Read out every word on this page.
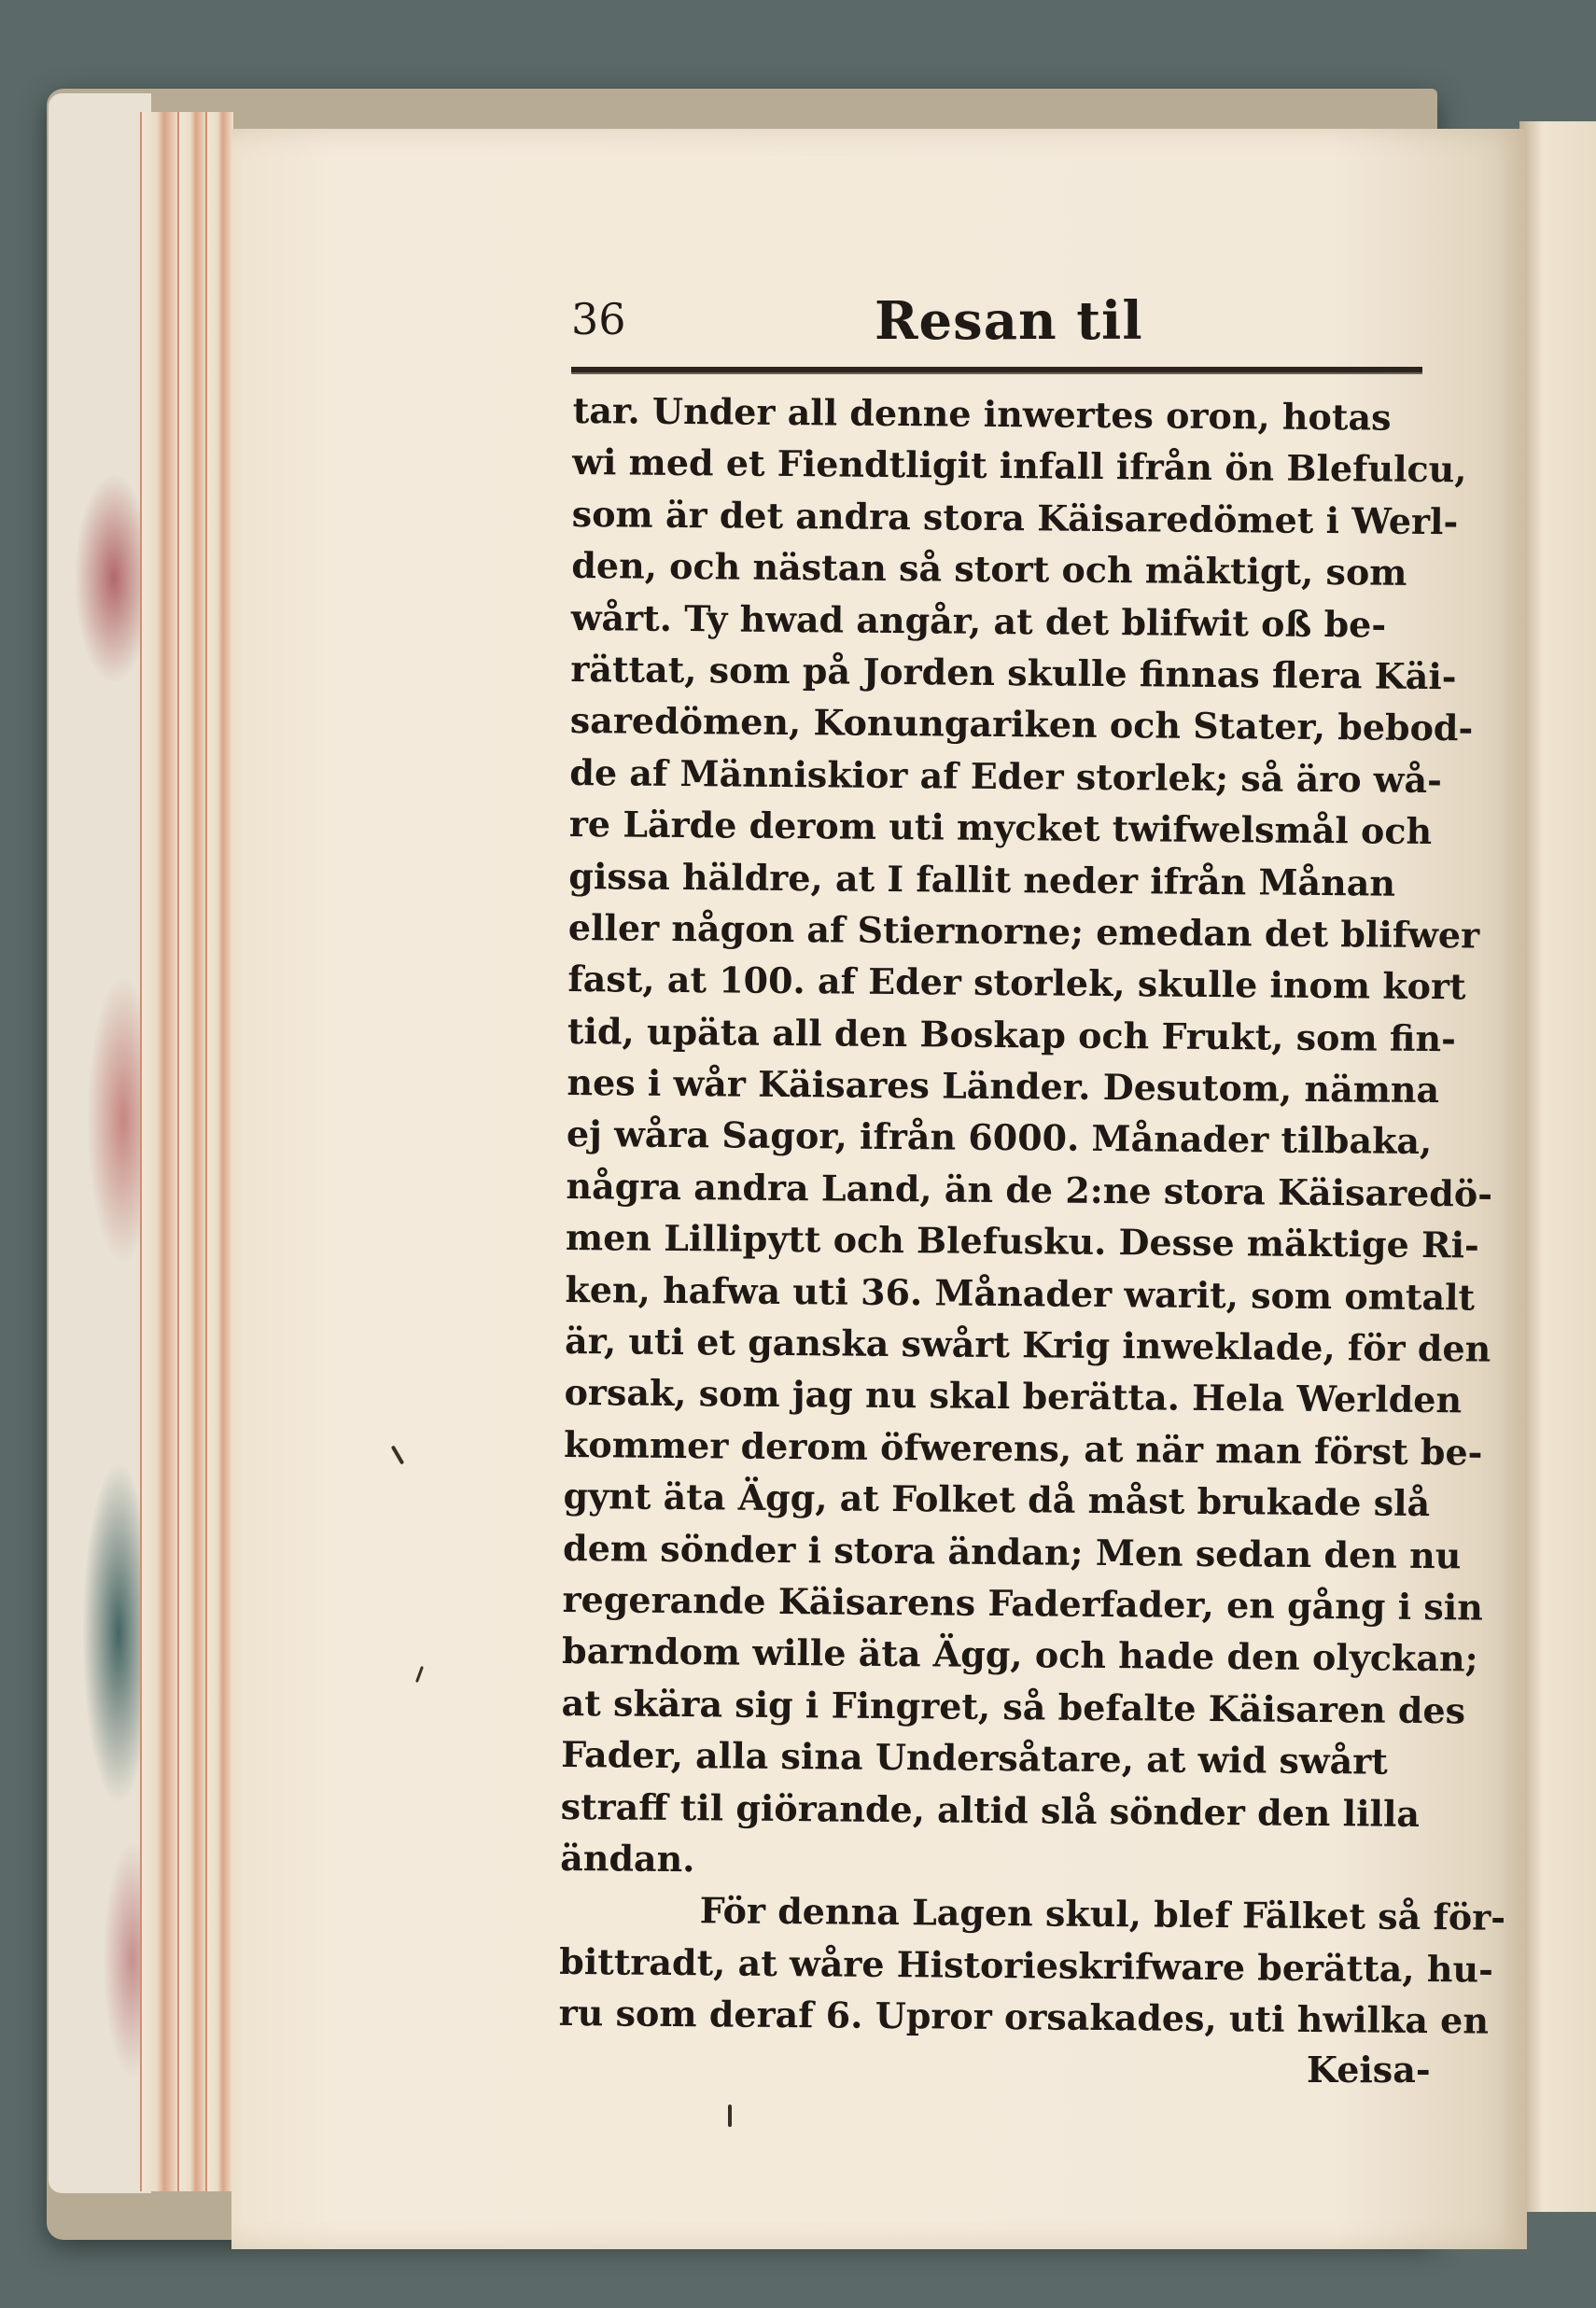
36	Resan til
tar. Under all denne inwertes oron, hotas
wi med et Fiendtligit infall ifrån ön Blefulcu,
som är det andra stora Käisaredömet i Werl-
den, och nästan så stort och mäktigt, som
wårt. Ty hwad angår, at det blifwit oß be-
rättat, som på Jorden skulle finnas flera Käi-
saredömen, Konungariken och Stater, bebod-
de af Människior af Eder storlek; så äro wå-
re Lärde derom uti mycket twifwelsmål och
gissa häldre, at I fallit neder ifrån Månan
eller någon af Stiernorne; emedan det blifwer
fast, at 100. af Eder storlek, skulle inom kort
tid, upäta all den Boskap och Frukt, som fin-
nes i wår Käisares Länder. Desutom, nämna
ej wåra Sagor, ifrån 6000. Månader tilbaka,
några andra Land, än de 2:ne stora Käisaredö-
men Lillipytt och Blefusku. Desse mäktige Ri-
ken, hafwa uti 36. Månader warit, som omtalt
är, uti et ganska swårt Krig inweklade, för den
orsak, som jag nu skal berätta. Hela Werlden
kommer derom öfwerens, at när man först be-
gynt äta Ägg, at Folket då måst brukade slå
dem sönder i stora ändan; Men sedan den nu
regerande Käisarens Faderfader, en gång i sin
barndom wille äta Ägg, och hade den olyckan;
at skära sig i Fingret, så befalte Käisaren des
Fader, alla sina Undersåtare, at wid swårt
straff til giörande, altid slå sönder den lilla
ändan.
För denna Lagen skul, blef Fälket så för-
bittradt, at wåre Historieskrifware berätta, hu-
ru som deraf 6. Upror orsakades, uti hwilka en
Keisa-
